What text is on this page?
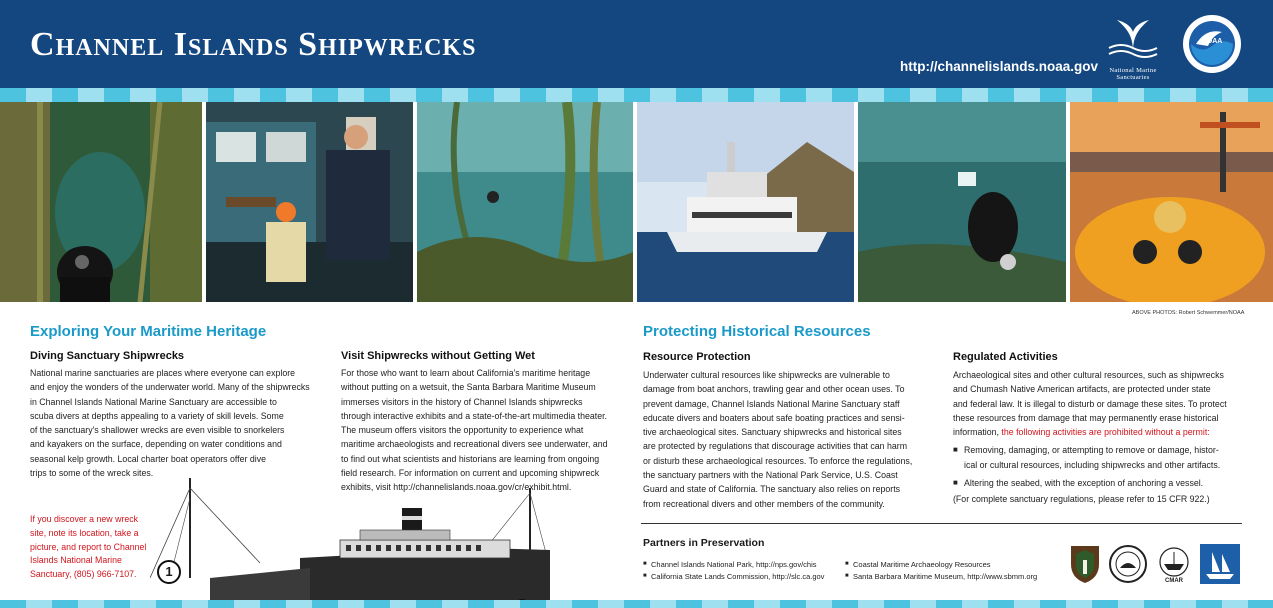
Channel Islands Shipwrecks
http://channelislands.noaa.gov	National Marine
Sanctuaries
NOAA
ABOVE PHOTOS: Robert Schwemmer/NOAA
Exploring Your Maritime Heritage
Diving Sanctuary Shipwrecks
National marine sanctuaries are places where everyone can explore
and enjoy the wonders of the underwater world. Many of the shipwrecks
in Channel Islands National Marine Sanctuary are accessible to
scuba divers at depths appealing to a variety of skill levels. Some
of the sanctuary's shallower wrecks are even visible to snorkelers
and kayakers on the surface, depending on water conditions and
seasonal kelp growth. Local charter boat operators offer dive
trips to some of the wreck sites.
Visit Shipwrecks without Getting Wet
For those who want to learn about California's maritime heritage
without putting on a wetsuit, the Santa Barbara Maritime Museum
immerses visitors in the history of Channel Islands shipwrecks
through interactive exhibits and a state-of-the-art multimedia theater.
The museum offers visitors the opportunity to experience what
maritime archaeologists and recreational divers see underwater, and
to find out what scientists and historians are learning from ongoing
field research. For information on current and upcoming shipwreck
exhibits, visit http://channelislands.noaa.gov/cr/exhibit.html.
If you discover a new wreck
site, note its location, take a
picture, and report to Channel
Islands National Marine
Sanctuary, (805) 966-7107.	1
Protecting Historical Resources
Resource Protection
Underwater cultural resources like shipwrecks are vulnerable to
damage from boat anchors, trawling gear and other ocean uses. To
prevent damage, Channel Islands National Marine Sanctuary staff
educate divers and boaters about safe boating practices and sensi-
tive archaeological sites. Sanctuary shipwrecks and historical sites
are protected by regulations that discourage activities that can harm
or disturb these archaeological resources. To enforce the regulations,
the sanctuary partners with the National Park Service, U.S. Coast
Guard and state of California. The sanctuary also relies on reports
from recreational divers and other members of the community.
Regulated Activities
Archaeological sites and other cultural resources, such as shipwrecks
and Chumash Native American artifacts, are protected under state
and federal law. It is illegal to disturb or damage these sites. To protect
these resources from damage that may permanently erase historical
information, the following activities are prohibited without a permit:
■ Removing, damaging, or attempting to remove or damage, histor-
ical or cultural resources, including shipwrecks and other artifacts.
■ Altering the seabed, with the exception of anchoring a vessel.
(For complete sanctuary regulations, please refer to 15 CFR 922.)
Partners in Preservation
■ Channel Islands National Park, http://nps.gov/chis
■ California State Lands Commission, http://slc.ca.gov
■ Coastal Maritime Archaeology Resources
■ Santa Barbara Maritime Museum, http://www.sbmm.org
CMAR
